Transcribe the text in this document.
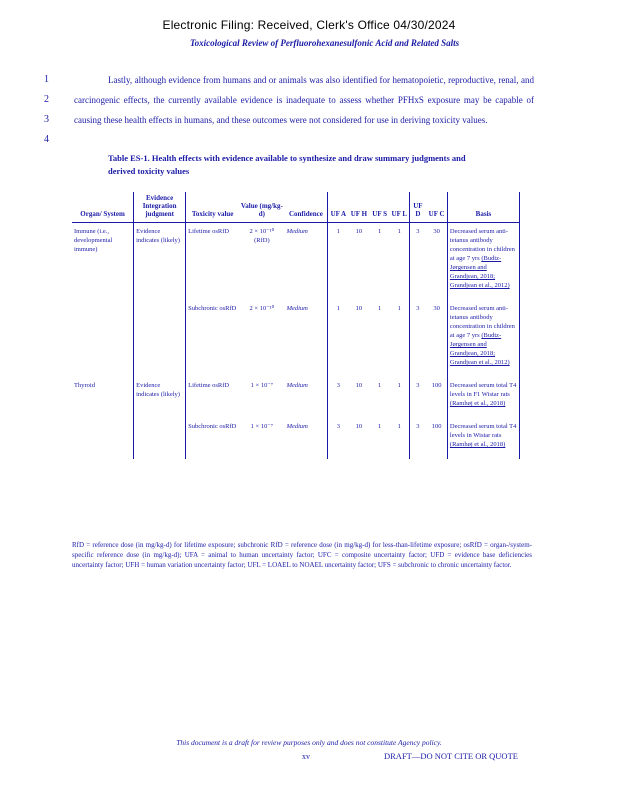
Electronic Filing: Received, Clerk's Office 04/30/2024
Toxicological Review of Perfluorohexanesulfonic Acid and Related Salts
1
2
3
4

Lastly, although evidence from humans and or animals was also identified for hematopoietic, reproductive, renal, and carcinogenic effects, the currently available evidence is inadequate to assess whether PFHxS exposure may be capable of causing these health effects in humans, and these outcomes were not considered for use in deriving toxicity values.

Table ES-1. Health effects with evidence available to synthesize and draw summary judgments and derived toxicity values
Organ/ System	Evidence Integration judgment	Toxicity value	Value (mg/kg-d)	Confidence	UF A	UF H	UF S	UF L	UF D	UF C	Basis
Immune (i.e., developmental immune)	Evidence indicates (likely)	Lifetime osRfD	2 × 10⁻¹⁰ (RfD)	Medium	1	10	1	1	3	30	Decreased serum anti-tetanus antibody concentration in children at age 7 yrs (Budtz-Jørgensen and Grandjean, 2018; Grandjean et al., 2012)
		Subchronic osRfD	2 × 10⁻¹⁰	Medium	1	10	1	1	3	30	Decreased serum anti-tetanus antibody concentration in children at age 7 yrs (Budtz-Jørgensen and Grandjean, 2018; Grandjean et al., 2012)
Thyroid	Evidence indicates (likely)	Lifetime osRfD	1 × 10⁻⁷	Medium	3	10	1	1	3	100	Decreased serum total T4 levels in F1 Wistar rats (Ramhøj et al., 2018)
		Subchronic osRfD	1 × 10⁻⁷	Medium	3	10	1	1	3	100	Decreased serum total T4 levels in Wistar rats (Ramhøj et al., 2018)

RfD = reference dose (in mg/kg-d) for lifetime exposure; subchronic RfD = reference dose (in mg/kg-d) for less-than-lifetime exposure; osRfD = organ-/system-specific reference dose (in mg/kg-d); UFA = animal to human uncertainty factor; UFC = composite uncertainty factor; UFD = evidence base deficiencies uncertainty factor; UFH = human variation uncertainty factor; UFL = LOAEL to NOAEL uncertainty factor; UFS = subchronic to chronic uncertainty factor.

This document is a draft for review purposes only and does not constitute Agency policy.
xv	DRAFT—DO NOT CITE OR QUOTE
